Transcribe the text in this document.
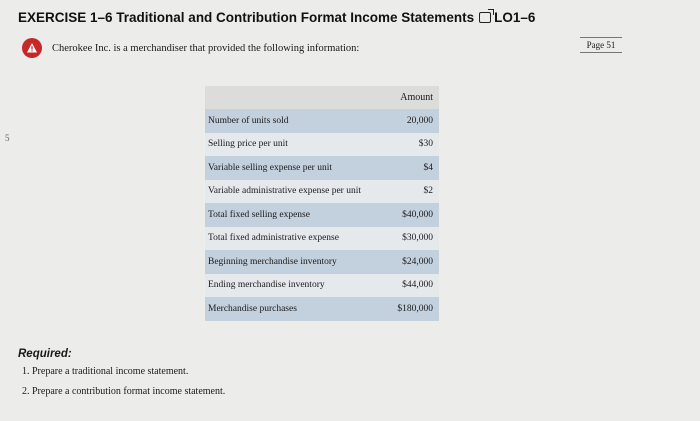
EXERCISE 1–6 Traditional and Contribution Format Income Statements LO1–6
Cherokee Inc. is a merchandiser that provided the following information:	Page 51
5
Amount
Number of units sold	20,000
Selling price per unit	$30
Variable selling expense per unit	$4
Variable administrative expense per unit	$2
Total fixed selling expense	$40,000
Total fixed administrative expense	$30,000
Beginning merchandise inventory	$24,000
Ending merchandise inventory	$44,000
Merchandise purchases	$180,000
Required:
1. Prepare a traditional income statement.
2. Prepare a contribution format income statement.
